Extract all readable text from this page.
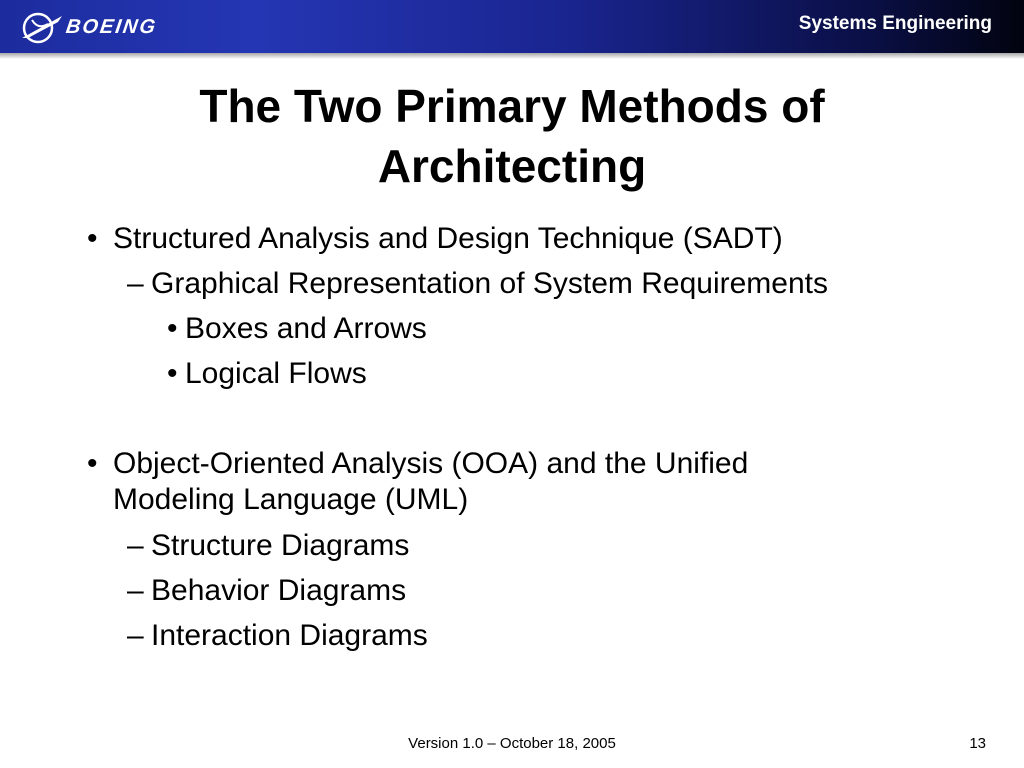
BOEING	Systems Engineering
The Two Primary Methods of
Architecting
• Structured Analysis and Design Technique (SADT)
– Graphical Representation of System Requirements
• Boxes and Arrows
• Logical Flows
• Object-Oriented Analysis (OOA) and the Unified
Modeling Language (UML)
– Structure Diagrams
– Behavior Diagrams
– Interaction Diagrams
Version 1.0 – October 18, 2005	13
